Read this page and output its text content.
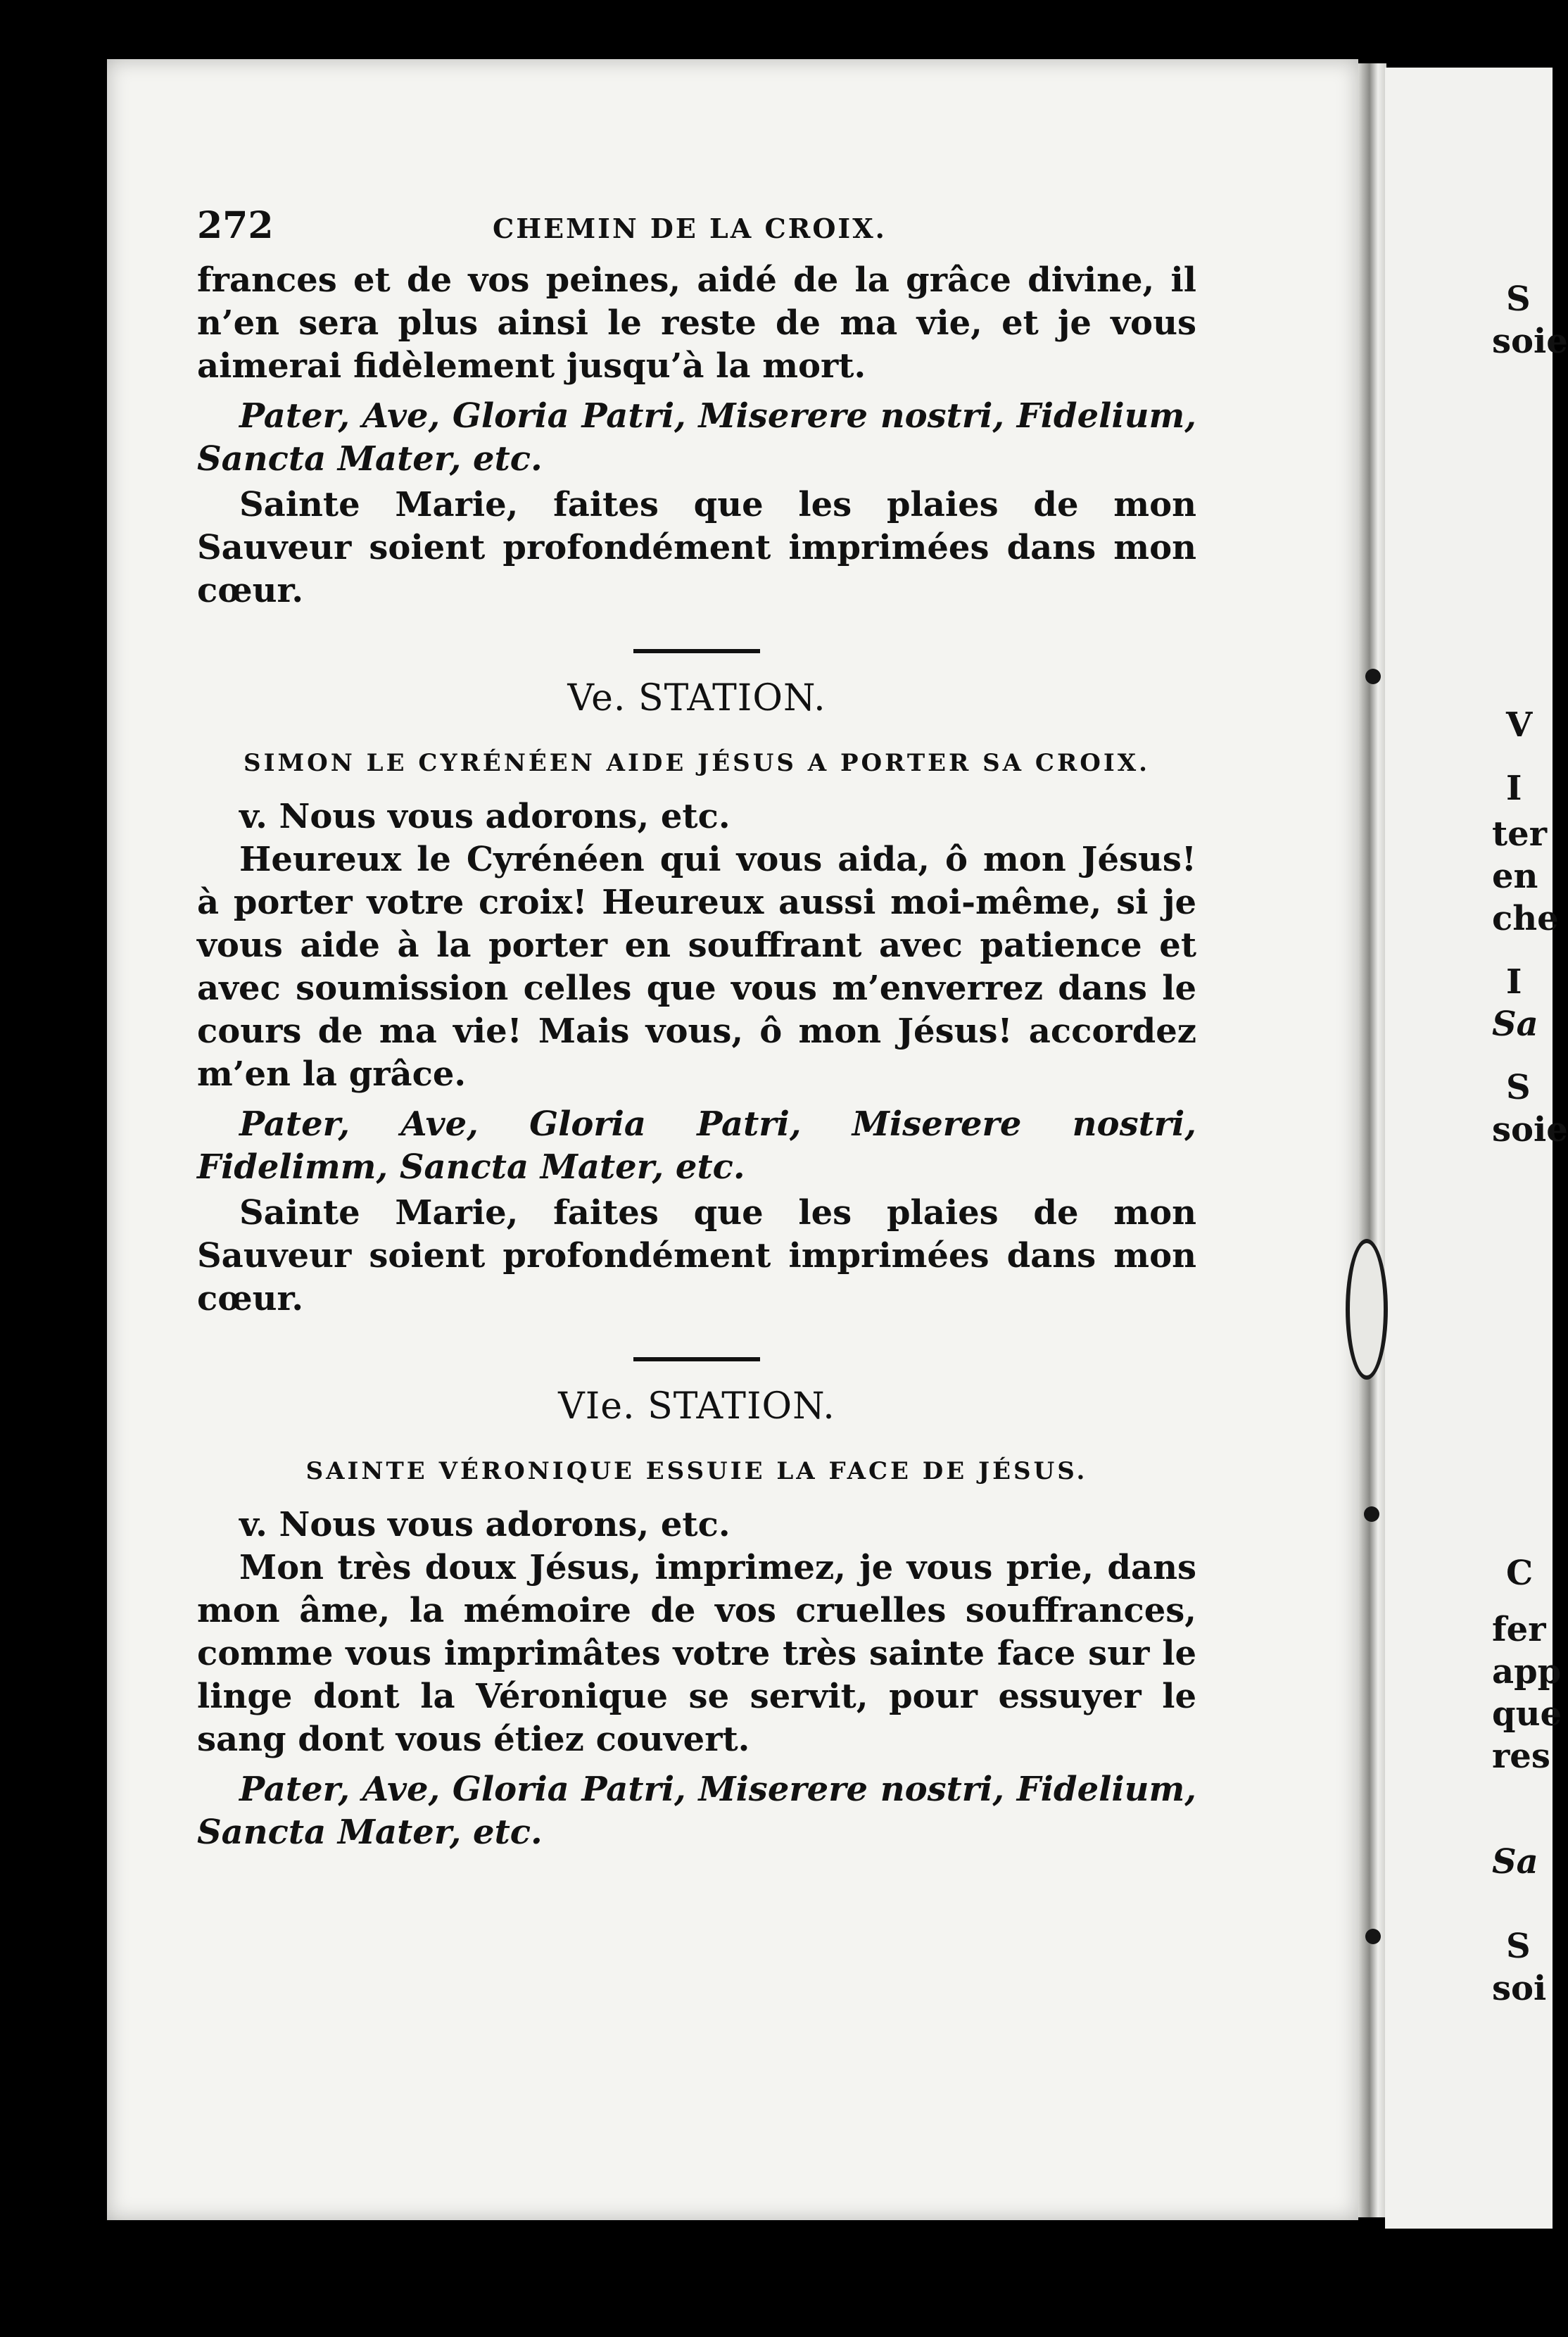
272	CHEMIN DE LA CROIX.

frances et de vos peines, aidé de la grâce divine, il n’en sera plus ainsi le reste de ma vie, et je vous aimerai fidèlement jusqu’à la mort.

Pater, Ave, Gloria Patri, Miserere nostri, Fidelium, Sancta Mater, etc.

Sainte Marie, faites que les plaies de mon Sauveur soient profondément imprimées dans mon cœur.

Ve. STATION.
SIMON LE CYRÉNÉEN AIDE JÉSUS A PORTER SA CROIX.

v. Nous vous adorons, etc.

Heureux le Cyrénéen qui vous aida, ô mon Jésus! à porter votre croix! Heureux aussi moi-même, si je vous aide à la porter en souffrant avec patience et avec soumission celles que vous m’enverrez dans le cours de ma vie! Mais vous, ô mon Jésus! accordez m’en la grâce.

Pater, Ave, Gloria Patri, Miserere nostri, Fidelimm, Sancta Mater, etc.

Sainte Marie, faites que les plaies de mon Sauveur soient profondément imprimées dans mon cœur.

VIe. STATION.
SAINTE VÉRONIQUE ESSUIE LA FACE DE JÉSUS.

v. Nous vous adorons, etc.

Mon très doux Jésus, imprimez, je vous prie, dans mon âme, la mémoire de vos cruelles souffrances, comme vous imprimâtes votre très sainte face sur le linge dont la Véronique se servit, pour essuyer le sang dont vous étiez couvert.

Pater, Ave, Gloria Patri, Miserere nostri, Fidelium, Sancta Mater, etc.

S
soie
V
I
ter
en
che
I
Sa
S
soie
C
fer
app
que
res
Sa
S
soi
